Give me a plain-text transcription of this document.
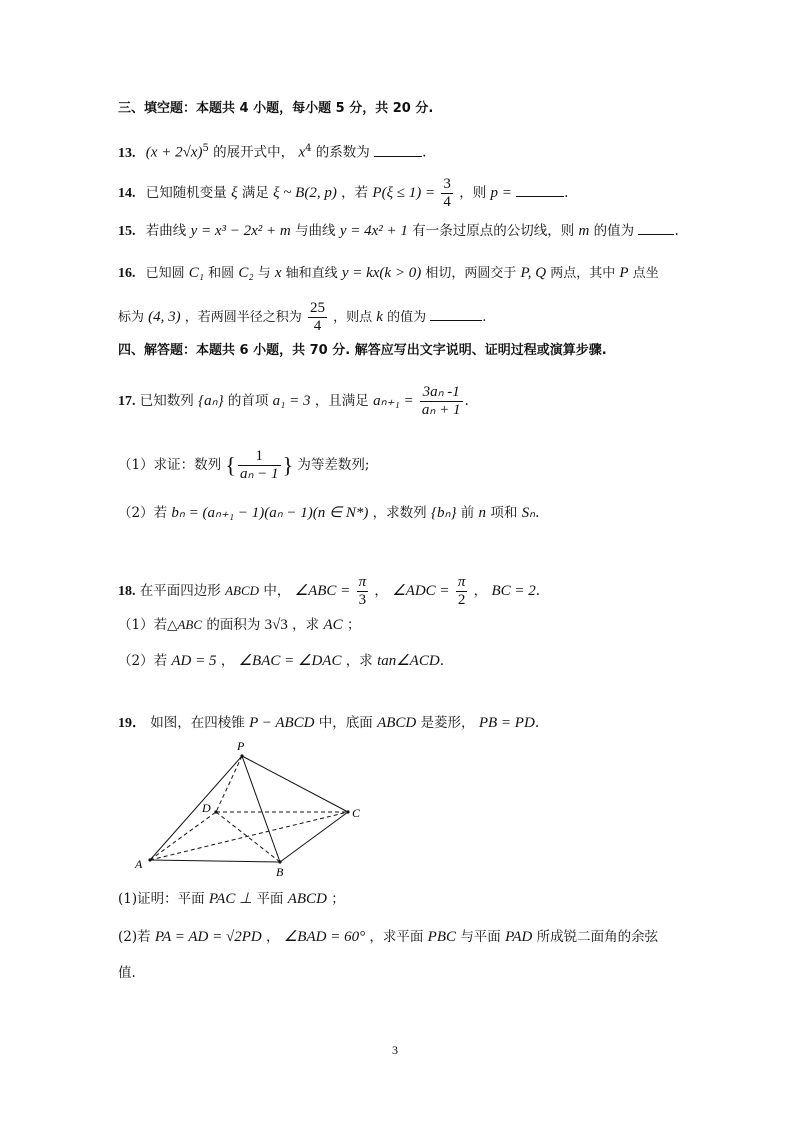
三、填空题：本题共 4 小题，每小题 5 分，共 20 分.
13. $(x + 2√x)^5$ 的展开式中， $x^4$ 的系数为	.
14. 已知随机变量 ξ 满足 ξ ~ B(2, p) ，若 $P(\xi \le 1) = \frac{3}{4}$ ，则 p =	.
15. 若曲线 y = x³ − 2x² + m 与曲线 y = 4x² + 1 有一条过原点的公切线，则 m 的值为	.
16. 已知圆 C₁ 和圆 C₂ 与 x 轴和直线 y = kx(k > 0) 相切，两圆交于 P, Q 两点，其中 P 点坐
标为 (4, 3) ，若两圆半径之积为 $\frac{25}{4}$ ，则点 k 的值为	.
四、解答题：本题共 6 小题，共 70 分. 解答应写出文字说明、证明过程或演算步骤.
17. 已知数列 {aₙ} 的首项 a₁ = 3 ，且满足 $a_{n+1} = \frac{\text{3aₙ -1}}{\text{aₙ + 1}}$ .
（1）求证：数列 { $\frac{1}{\text{aₙ − 1}}$ } 为等差数列;
（2）若 bₙ = (aₙ₊₁ − 1)(aₙ − 1)(n ∈ N*) ，求数列 {bₙ} 前 n 项和 Sₙ.
18. 在平面四边形 ABCD 中， ∠ABC = $\frac{\pi}{3}$ ， ∠ADC = $\frac{\pi}{2}$ ， BC = 2.
（1）若△ABC 的面积为 3√3 ，求 AC ；
（2）若 AD = 5 ， ∠BAC = ∠DAC ，求 tan∠ACD.
19． 如图，在四棱锥 P − ABCD 中，底面 ABCD 是菱形， PB = PD.
P
D	C
A
B
(1)证明：平面 PAC ⊥ 平面 ABCD ；
(2)若 PA = AD = √2PD ， ∠BAD = 60° ，求平面 PBC 与平面 PAD 所成锐二面角的余弦
值.
3
